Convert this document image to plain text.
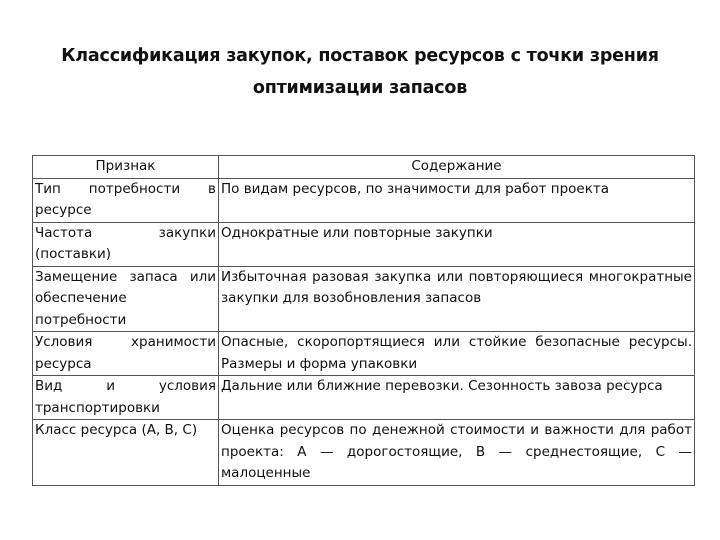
Классификация закупок, поставок ресурсов с точки зрения оптимизации запасов
Признак	Содержание
Тип потребности в ресурсе	По видам ресурсов, по значимости для работ проекта
Частота закупки (поставки)	Однократные или повторные закупки
Замещение запаса или обеспечение потребности	Избыточная разовая закупка или повторяющиеся многократные закупки для возобновления запасов
Условия хранимости ресурса	Опасные, скоропортящиеся или стойкие безопасные ресурсы. Размеры и форма упаковки
Вид и условия транспортировки	Дальние или ближние перевозки. Сезонность завоза ресурса
Класс ресурса (А, В, С)	Оценка ресурсов по денежной стоимости и важности для работ проекта: А — дорогостоящие, В — среднестоящие, С — малоценные
